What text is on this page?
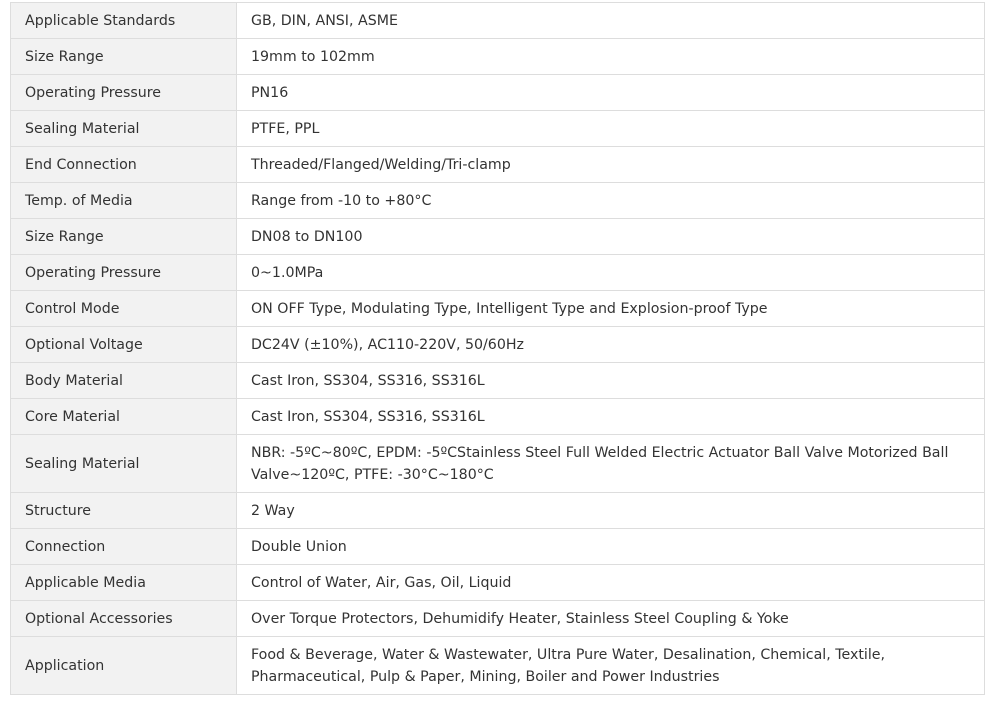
Applicable Standards	GB, DIN, ANSI, ASME
Size Range	19mm to 102mm
Operating Pressure	PN16
Sealing Material	PTFE, PPL
End Connection	Threaded/Flanged/Welding/Tri-clamp
Temp. of Media	Range from -10 to +80°C
Size Range	DN08 to DN100
Operating Pressure	0~1.0MPa
Control Mode	ON OFF Type, Modulating Type, Intelligent Type and Explosion-proof Type
Optional Voltage	DC24V (±10%), AC110-220V, 50/60Hz
Body Material	Cast Iron, SS304, SS316, SS316L
Core Material	Cast Iron, SS304, SS316, SS316L
Sealing Material	NBR: -5ºC~80ºC, EPDM: -5ºCStainless Steel Full Welded Electric Actuator Ball Valve Motorized Ball Valve~120ºC, PTFE: -30°C~180°C
Structure	2 Way
Connection	Double Union
Applicable Media	Control of Water, Air, Gas, Oil, Liquid
Optional Accessories	Over Torque Protectors, Dehumidify Heater, Stainless Steel Coupling & Yoke
Application	Food & Beverage, Water & Wastewater, Ultra Pure Water, Desalination, Chemical, Textile, Pharmaceutical, Pulp & Paper, Mining, Boiler and Power Industries
